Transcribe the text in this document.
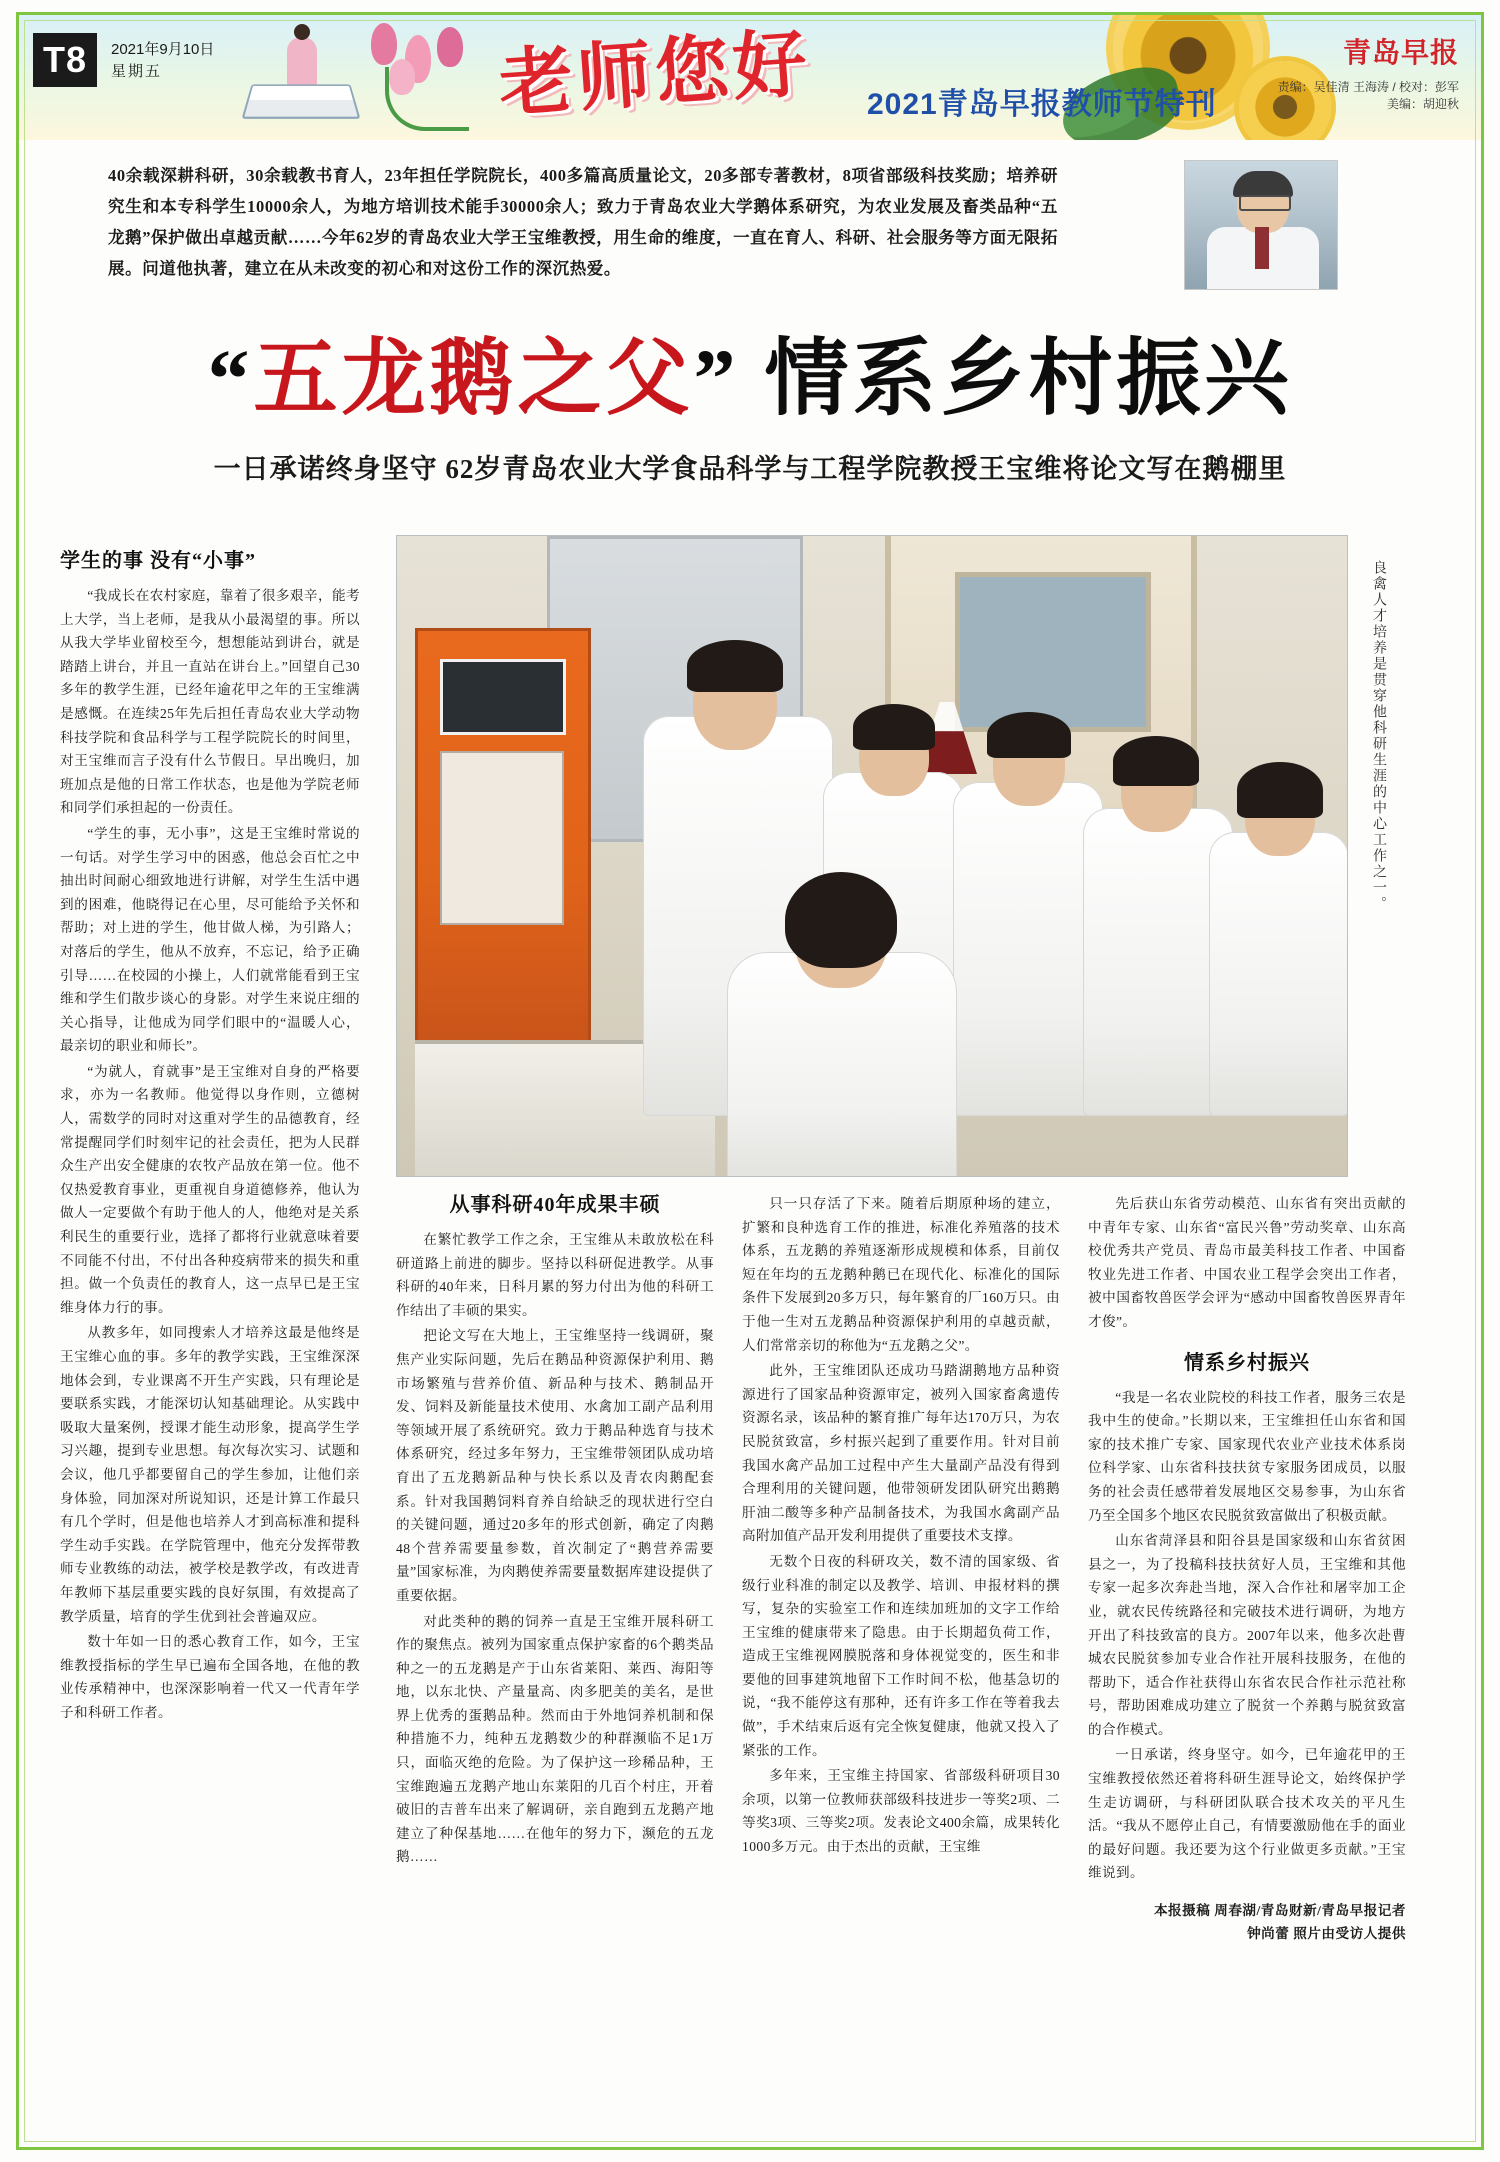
T8	2021年9月10日
星期五	老师您好	2021青岛早报教师节特刊
青岛早报
责编：吴佳清 王海涛 / 校对：彭军
美编：胡迎秋
40余载深耕科研，30余载教书育人，23年担任学院院长，400多篇高质量论文，20多部专著教材，8项省部级科技奖励；培养研究生和本专科学生10000余人，为地方培训技术能手30000余人；致力于青岛农业大学鹅体系研究，为农业发展及畜类品种“五龙鹅”保护做出卓越贡献……今年62岁的青岛农业大学王宝维教授，用生命的维度，一直在育人、科研、社会服务等方面无限拓展。问道他执著，建立在从未改变的初心和对这份工作的深沉热爱。
“五龙鹅之父” 情系乡村振兴
一日承诺终身坚守 62岁青岛农业大学食品科学与工程学院教授王宝维将论文写在鹅棚里
良禽人才培养是贯穿他科研生涯的中心工作之一。
学生的事 没有“小事”

“我成长在农村家庭，靠着了很多艰辛，能考上大学，当上老师，是我从小最渴望的事。所以从我大学毕业留校至今，想想能站到讲台，就是踏踏上讲台，并且一直站在讲台上。”回望自己30多年的教学生涯，已经年逾花甲之年的王宝维满是感慨。在连续25年先后担任青岛农业大学动物科技学院和食品科学与工程学院院长的时间里，对王宝维而言子没有什么节假日。早出晚归，加班加点是他的日常工作状态，也是他为学院老师和同学们承担起的一份责任。

“学生的事，无小事”，这是王宝维时常说的一句话。对学生学习中的困惑，他总会百忙之中抽出时间耐心细致地进行讲解，对学生生活中遇到的困难，他晓得记在心里，尽可能给予关怀和帮助；对上进的学生，他甘做人梯，为引路人；对落后的学生，他从不放弃，不忘记，给予正确引导……在校园的小操上，人们就常能看到王宝维和学生们散步谈心的身影。对学生来说庄细的关心指导，让他成为同学们眼中的“温暖人心，最亲切的职业和师长”。

“为就人，育就事”是王宝维对自身的严格要求，亦为一名教师。他觉得以身作则，立德树人，需数学的同时对这重对学生的品德教育，经常提醒同学们时刻牢记的社会责任，把为人民群众生产出安全健康的农牧产品放在第一位。他不仅热爱教育事业，更重视自身道德修养，他认为做人一定要做个有助于他人的人，他绝对是关系利民生的重要行业，选择了都将行业就意味着要不同能不付出，不付出各种疫病带来的损失和重担。做一个负责任的教育人，这一点早已是王宝维身体力行的事。

从教多年，如同搜索人才培养这最是他终是王宝维心血的事。多年的教学实践，王宝维深深地体会到，专业课离不开生产实践，只有理论是要联系实践，才能深切认知基础理论。从实践中吸取大量案例，授课才能生动形象，提高学生学习兴趣，提到专业思想。每次每次实习、试题和会议，他几乎都要留自己的学生参加，让他们亲身体验，同加深对所说知识，还是计算工作最只有几个学时，但是他也培养人才到高标准和提科学生动手实践。在学院管理中，他充分发挥带教师专业教练的动法，被学校是教学改，有改进青年教师下基层重要实践的良好氛围，有效提高了教学质量，培育的学生优到社会普遍双应。

数十年如一日的悉心教育工作，如今，王宝维教授指标的学生早已遍布全国各地，在他的教业传承精神中，也深深影响着一代又一代青年学子和科研工作者。

从事科研40年成果丰硕

在繁忙教学工作之余，王宝维从未敢放松在科研道路上前进的脚步。坚持以科研促进教学。从事科研的40年来，日科月累的努力付出为他的科研工作结出了丰硕的果实。

把论文写在大地上，王宝维坚持一线调研，聚焦产业实际问题，先后在鹅品种资源保护利用、鹅市场繁殖与营养价值、新品种与技术、鹅制品开发、饲料及新能量技术使用、水禽加工副产品利用等领域开展了系统研究。致力于鹅品种选育与技术体系研究，经过多年努力，王宝维带领团队成功培育出了五龙鹅新品种与快长系以及青农肉鹅配套系。针对我国鹅饲料育养自给缺乏的现状进行空白的关键问题，通过20多年的形式创新，确定了肉鹅48个营养需要量参数，首次制定了“鹅营养需要量”国家标准，为肉鹅使养需要量数据库建设提供了重要依据。

对此类种的鹅的饲养一直是王宝维开展科研工作的聚焦点。被列为国家重点保护家畜的6个鹅类品种之一的五龙鹅是产于山东省莱阳、莱西、海阳等地，以东北快、产量量高、肉多肥美的美名，是世界上优秀的蛋鹅品种。然而由于外地饲养机制和保种措施不力，纯种五龙鹅数少的种群濒临不足1万只，面临灭绝的危险。为了保护这一珍稀品种，王宝维跑遍五龙鹅产地山东莱阳的几百个村庄，开着破旧的吉普车出来了解调研，亲自跑到五龙鹅产地建立了种保基地……在他年的努力下，濒危的五龙鹅……

只一只存活了下来。随着后期原种场的建立，扩繁和良种选育工作的推进，标准化养殖落的技术体系，五龙鹅的养殖逐渐形成规模和体系，目前仅短在年均的五龙鹅种鹅已在现代化、标准化的国际条件下发展到20多万只，每年繁育的厂160万只。由于他一生对五龙鹅品种资源保护利用的卓越贡献，人们常常亲切的称他为“五龙鹅之父”。

此外，王宝维团队还成功马踏湖鹅地方品种资源进行了国家品种资源审定，被列入国家畜禽遗传资源名录，该品种的繁育推广每年达170万只，为农民脱贫致富，乡村振兴起到了重要作用。针对目前我国水禽产品加工过程中产生大量副产品没有得到合理利用的关键问题，他带领研发团队研究出鹅鹅肝油二酸等多种产品制备技术，为我国水禽副产品高附加值产品开发利用提供了重要技术支撑。

无数个日夜的科研攻关，数不清的国家级、省级行业科准的制定以及教学、培训、申报材料的撰写，复杂的实验室工作和连续加班加的文字工作给王宝维的健康带来了隐患。由于长期超负荷工作，造成王宝维视网膜脱落和身体视觉变的，医生和非要他的回事建筑地留下工作时间不松，他基急切的说，“我不能停这有那种，还有许多工作在等着我去做”，手术结束后返有完全恢复健康，他就又投入了紧张的工作。

多年来，王宝维主持国家、省部级科研项目30余项，以第一位教师获部级科技进步一等奖2项、二等奖3项、三等奖2项。发表论文400余篇，成果转化1000多万元。由于杰出的贡献，王宝维

先后获山东省劳动模范、山东省有突出贡献的中青年专家、山东省“富民兴鲁”劳动奖章、山东高校优秀共产党员、青岛市最美科技工作者、中国畜牧业先进工作者、中国农业工程学会突出工作者，被中国畜牧兽医学会评为“感动中国畜牧兽医界青年才俊”。

情系乡村振兴

“我是一名农业院校的科技工作者，服务三农是我中生的使命。”长期以来，王宝维担任山东省和国家的技术推广专家、国家现代农业产业技术体系岗位科学家、山东省科技扶贫专家服务团成员，以服务的社会责任感带着发展地区交易参事，为山东省乃至全国多个地区农民脱贫致富做出了积极贡献。

山东省菏泽县和阳谷县是国家级和山东省贫困县之一，为了投稿科技扶贫好人员，王宝维和其他专家一起多次奔赴当地，深入合作社和屠宰加工企业，就农民传统路径和完破技术进行调研，为地方开出了科技致富的良方。2007年以来，他多次赴曹城农民脱贫参加专业合作社开展科技服务，在他的帮助下，适合作社获得山东省农民合作社示范社称号，帮助困难成功建立了脱贫一个养鹅与脱贫致富的合作模式。

一日承诺，终身坚守。如今，已年逾花甲的王宝维教授依然还着将科研生涯导论文，始终保护学生走访调研，与科研团队联合技术攻关的平凡生活。“我从不愿停止自己，有情要激励他在手的面业的最好问题。我还要为这个行业做更多贡献。”王宝维说到。

本报摄稿 周春湖/青岛财新/青岛早报记者
钟尚蕾 照片由受访人提供
